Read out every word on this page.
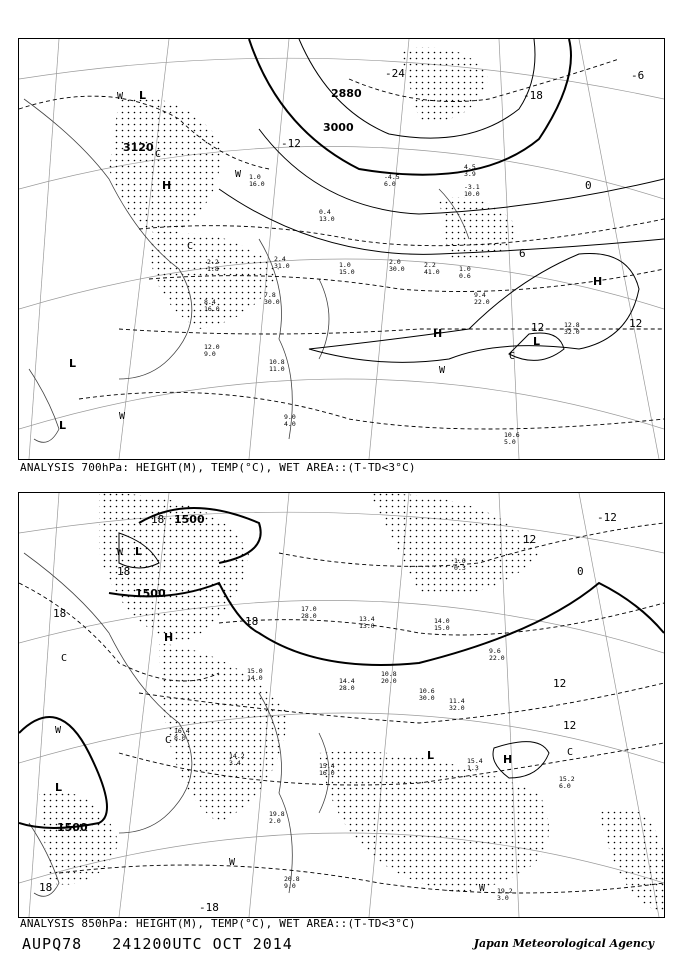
2.2
1.8
2.4
31.0	1.0
15.0
2.0
30.0	2.2
41.0	1.0
0.6
9.4
22.0
7.8
30.0
8.4
16.0
10.8
11.0
9.0
4.0
10.6
5.0
12.8
32.0
-4.5
6.0
4.5
3.9
-3.1
10.0
0.4
13.0
1.0
16.0
12.0
9.0
3000
3120
2880
-24
-18
0
6
12	12
-12
-6
H
H
H
L
L
L
L
W
W
W
W
C
C
C
ANALYSIS 700hPa: HEIGHT(M), TEMP(°C), WET AREA::(T-TD<3°C)
17.0
28.0	13.4
13.0
15.0
14.0	14.4
28.0
10.8
20.0
10.6
30.0 11.4
32.0
9.6
22.0
15.4
1.3
15.2
6.0
16.4
8.0
14.2
3.4	15.4
16.0
19.8
2.0
20.8
9.0
19.2
3.0
14.0
15.0
1.0
0.3
1500
1500
1500
18
18
18
18
0
12
12
12
-12
-18
18
H
H
L
L
L
W
W
W
W
C
C
C
ANALYSIS 850hPa: HEIGHT(M), TEMP(°C), WET AREA::(T-TD<3°C)
AUPQ78 241200UTC OCT 2014	Japan Meteorological Agency
